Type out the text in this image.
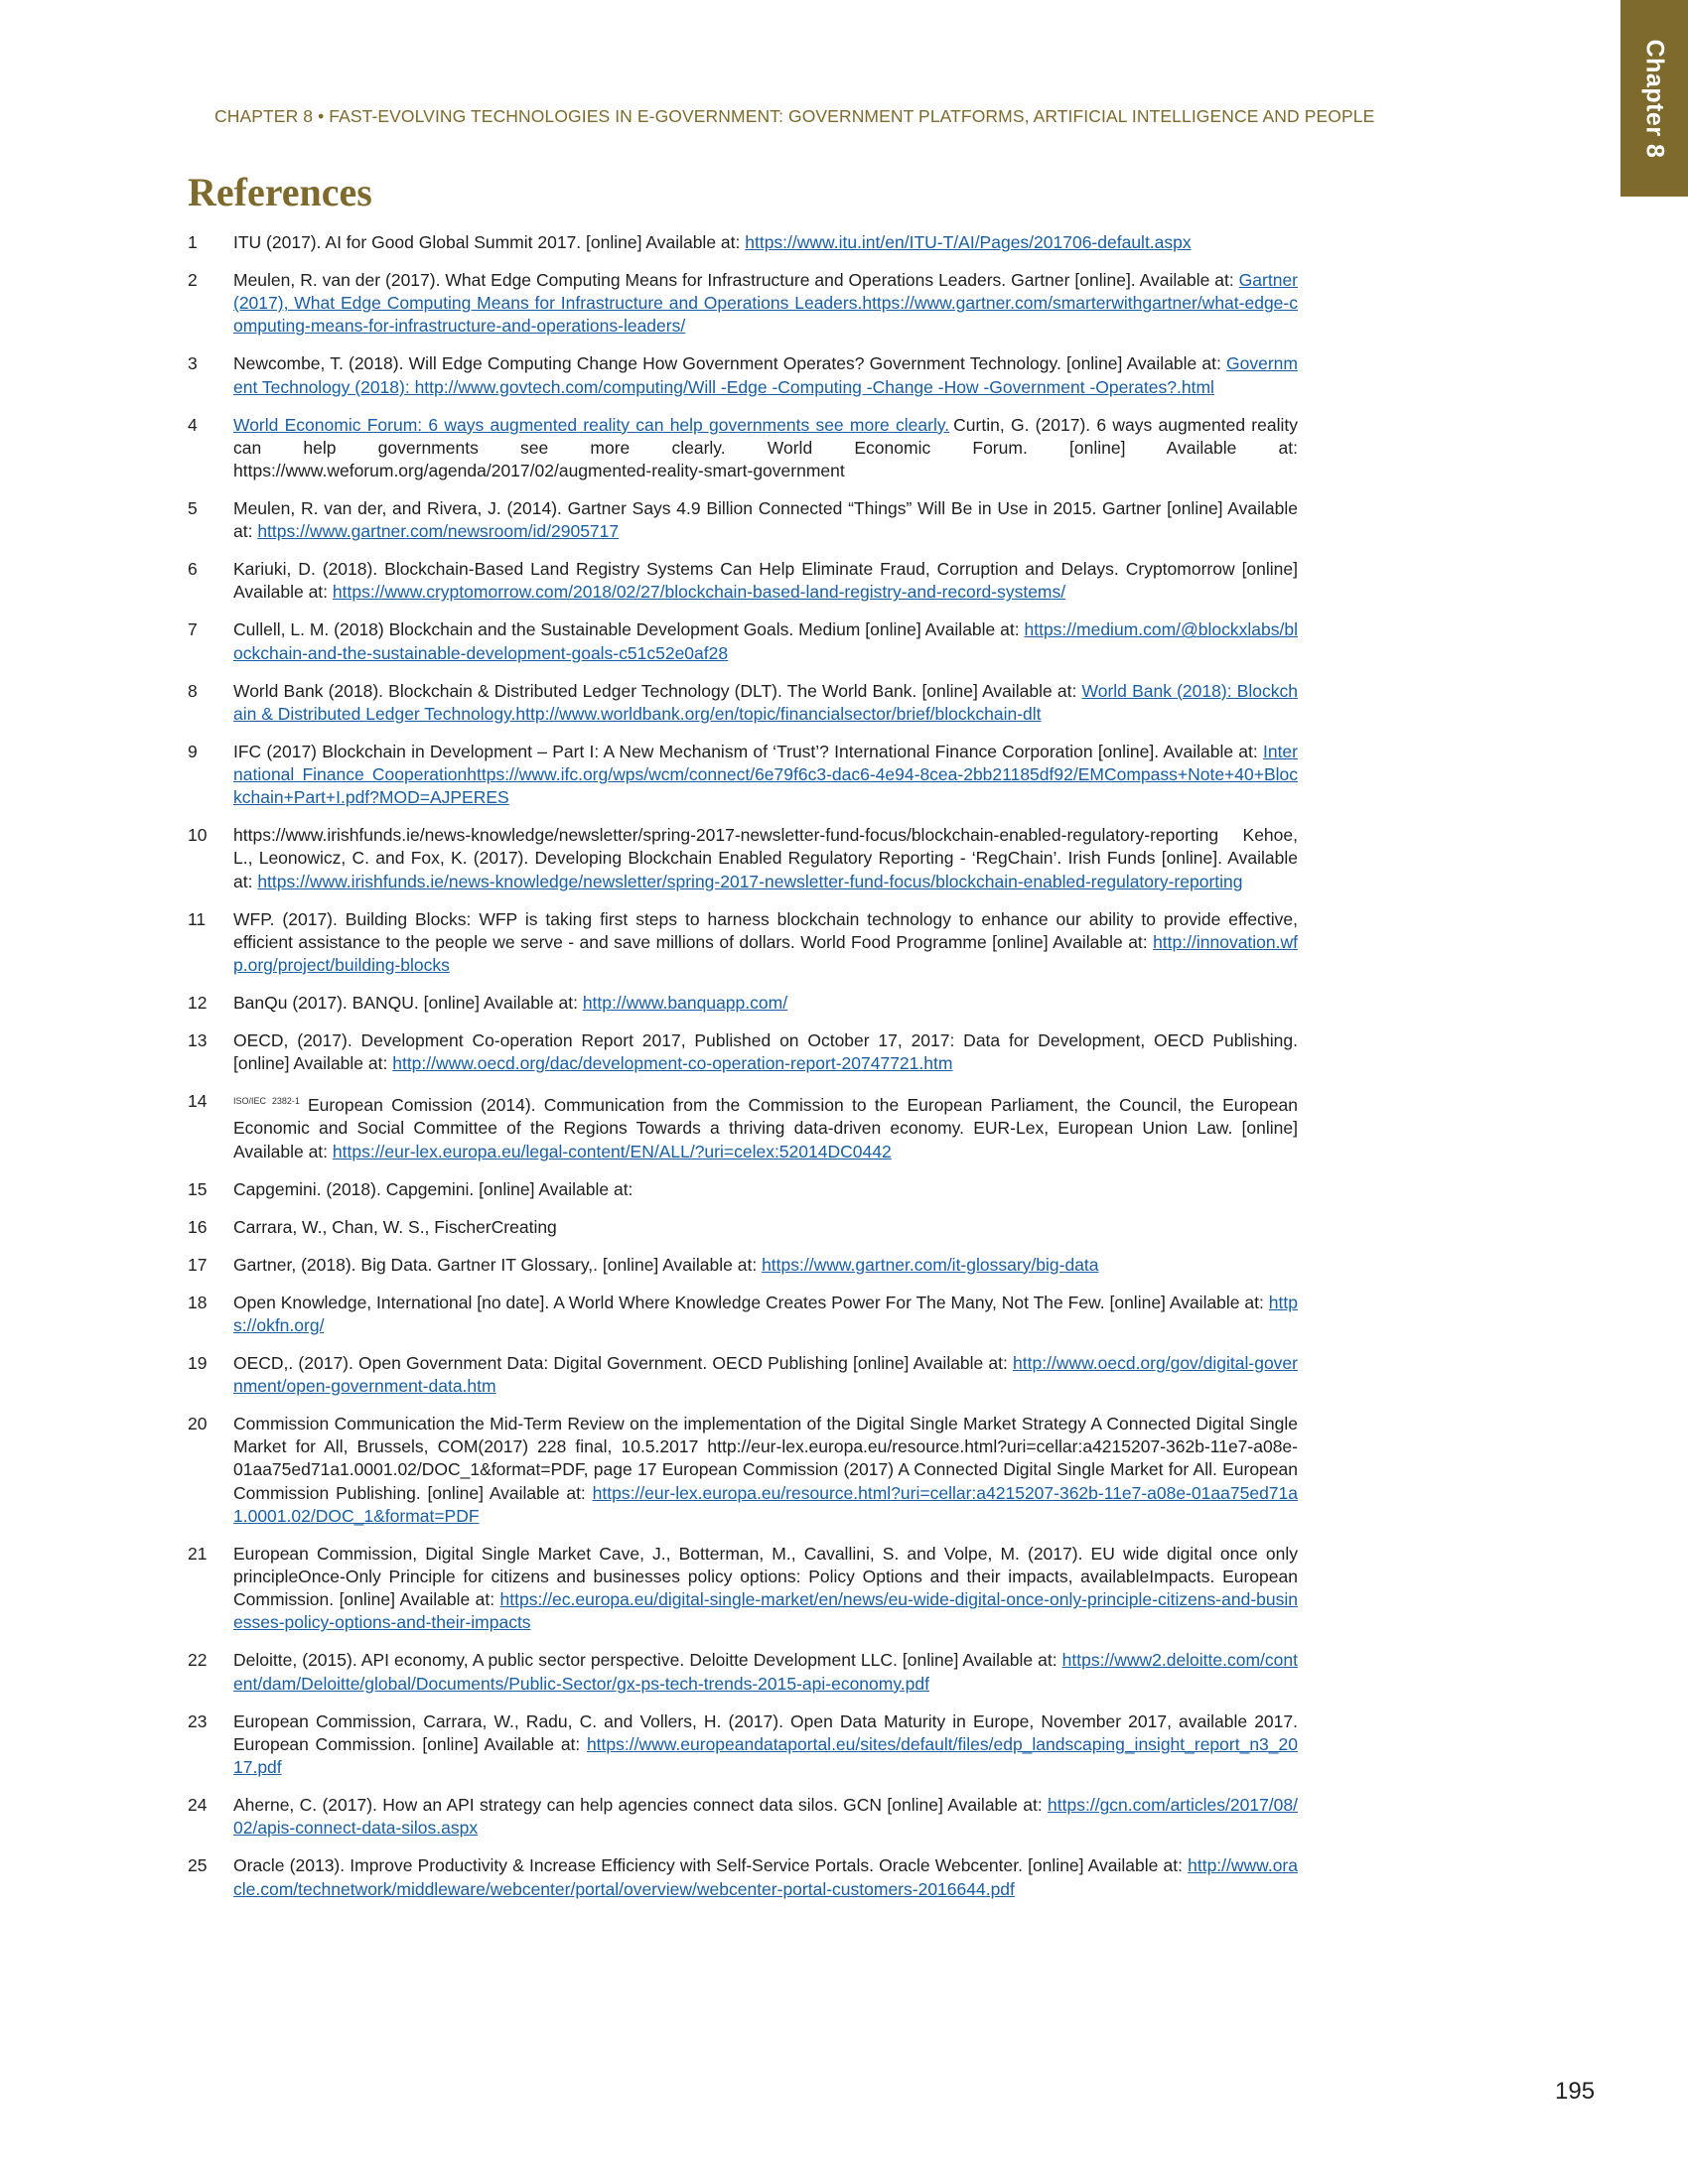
Chapter 8
CHAPTER 8 • FAST-EVOLVING TECHNOLOGIES IN E-GOVERNMENT: GOVERNMENT PLATFORMS, ARTIFICIAL INTELLIGENCE AND PEOPLE
References
1	ITU (2017). AI for Good Global Summit 2017. [online] Available at: https://www.itu.int/en/ITU-T/AI/Pages/201706-default.aspx
2	Meulen, R. van der (2017). What Edge Computing Means for Infrastructure and Operations Leaders. Gartner [online]. Available at: Gartner (2017), What Edge Computing Means for Infrastructure and Operations Leaders.https://www.gartner.com/smarterwithgartner/what-edge-computing-means-for-infrastructure-and-operations-leaders/
3	Newcombe, T. (2018). Will Edge Computing Change How Government Operates? Government Technology. [online] Available at: Government Technology (2018): http://www.govtech.com/computing/Will -Edge -Computing -Change -How -Government -Operates?.html
4	World Economic Forum: 6 ways augmented reality can help governments see more clearly. Curtin, G. (2017). 6 ways augmented reality can help governments see more clearly. World Economic Forum. [online] Available at: https://www.weforum.org/agenda/2017/02/augmented-reality-smart-government
5	Meulen, R. van der, and Rivera, J. (2014). Gartner Says 4.9 Billion Connected “Things” Will Be in Use in 2015. Gartner [online] Available at: https://www.gartner.com/newsroom/id/2905717
6	Kariuki, D. (2018). Blockchain-Based Land Registry Systems Can Help Eliminate Fraud, Corruption and Delays. Cryptomorrow [online] Available at: https://www.cryptomorrow.com/2018/02/27/blockchain-based-land-registry-and-record-systems/
7	Cullell, L. M. (2018) Blockchain and the Sustainable Development Goals. Medium [online] Available at: https://medium.com/@blockxlabs/blockchain-and-the-sustainable-development-goals-c51c52e0af28
8	World Bank (2018). Blockchain & Distributed Ledger Technology (DLT). The World Bank. [online] Available at: World Bank (2018): Blockchain & Distributed Ledger Technology.http://www.worldbank.org/en/topic/financialsector/brief/blockchain-dlt
9	IFC (2017) Blockchain in Development – Part I: A New Mechanism of ‘Trust’? International Finance Corporation [online]. Available at: International Finance Cooperationhttps://www.ifc.org/wps/wcm/connect/6e79f6c3-dac6-4e94-8cea-2bb21185df92/EMCompass+Note+40+Blockchain+Part+I.pdf?MOD=AJPERES
10	https://www.irishfunds.ie/news-knowledge/newsletter/spring-2017-newsletter-fund-focus/blockchain-enabled-regulatory-reporting Kehoe, L., Leonowicz, C. and Fox, K. (2017). Developing Blockchain Enabled Regulatory Reporting - ‘RegChain’. Irish Funds [online]. Available at: https://www.irishfunds.ie/news-knowledge/newsletter/spring-2017-newsletter-fund-focus/blockchain-enabled-regulatory-reporting
11	WFP. (2017). Building Blocks: WFP is taking first steps to harness blockchain technology to enhance our ability to provide effective, efficient assistance to the people we serve - and save millions of dollars. World Food Programme [online] Available at: http://innovation.wfp.org/project/building-blocks
12	BanQu (2017). BANQU. [online] Available at: http://www.banquapp.com/
13	OECD, (2017). Development Co-operation Report 2017, Published on October 17, 2017: Data for Development, OECD Publishing. [online] Available at: http://www.oecd.org/dac/development-co-operation-report-20747721.htm
14	$^{ISO/IEC 2382-1}$ European Comission (2014). Communication from the Commission to the European Parliament, the Council, the European Economic and Social Committee of the Regions Towards a thriving data-driven economy. EUR-Lex, European Union Law. [online] Available at: https://eur-lex.europa.eu/legal-content/EN/ALL/?uri=celex:52014DC0442
15	Capgemini. (2018). Capgemini. [online] Available at:
16	Carrara, W., Chan, W. S., FischerCreating
17	Gartner, (2018). Big Data. Gartner IT Glossary,. [online] Available at: https://www.gartner.com/it-glossary/big-data
18	Open Knowledge, International [no date]. A World Where Knowledge Creates Power For The Many, Not The Few. [online] Available at: https://okfn.org/
19	OECD,. (2017). Open Government Data: Digital Government. OECD Publishing [online] Available at: http://www.oecd.org/gov/digital-government/open-government-data.htm
20	Commission Communication the Mid-Term Review on the implementation of the Digital Single Market Strategy A Connected Digital Single Market for All, Brussels, COM(2017) 228 final, 10.5.2017 http://eur-lex.europa.eu/resource.html?uri=cellar:a4215207-362b-11e7-a08e-01aa75ed71a1.0001.02/DOC_1&format=PDF, page 17 European Commission (2017) A Connected Digital Single Market for All. European Commission Publishing. [online] Available at: https://eur-lex.europa.eu/resource.html?uri=cellar:a4215207-362b-11e7-a08e-01aa75ed71a1.0001.02/DOC_1&format=PDF
21	European Commission, Digital Single Market Cave, J., Botterman, M., Cavallini, S. and Volpe, M. (2017). EU wide digital once only principleOnce-Only Principle for citizens and businesses policy options: Policy Options and their impacts, availableImpacts. European Commission. [online] Available at: https://ec.europa.eu/digital-single-market/en/news/eu-wide-digital-once-only-principle-citizens-and-businesses-policy-options-and-their-impacts
22	Deloitte, (2015). API economy, A public sector perspective. Deloitte Development LLC. [online] Available at: https://www2.deloitte.com/content/dam/Deloitte/global/Documents/Public-Sector/gx-ps-tech-trends-2015-api-economy.pdf
23	European Commission, Carrara, W., Radu, C. and Vollers, H. (2017). Open Data Maturity in Europe, November 2017, available 2017. European Commission. [online] Available at: https://www.europeandataportal.eu/sites/default/files/edp_landscaping_insight_report_n3_2017.pdf
24	Aherne, C. (2017). How an API strategy can help agencies connect data silos. GCN [online] Available at: https://gcn.com/articles/2017/08/02/apis-connect-data-silos.aspx
25	Oracle (2013). Improve Productivity & Increase Efficiency with Self-Service Portals. Oracle Webcenter. [online] Available at: http://www.oracle.com/technetwork/middleware/webcenter/portal/overview/webcenter-portal-customers-2016644.pdf
195
